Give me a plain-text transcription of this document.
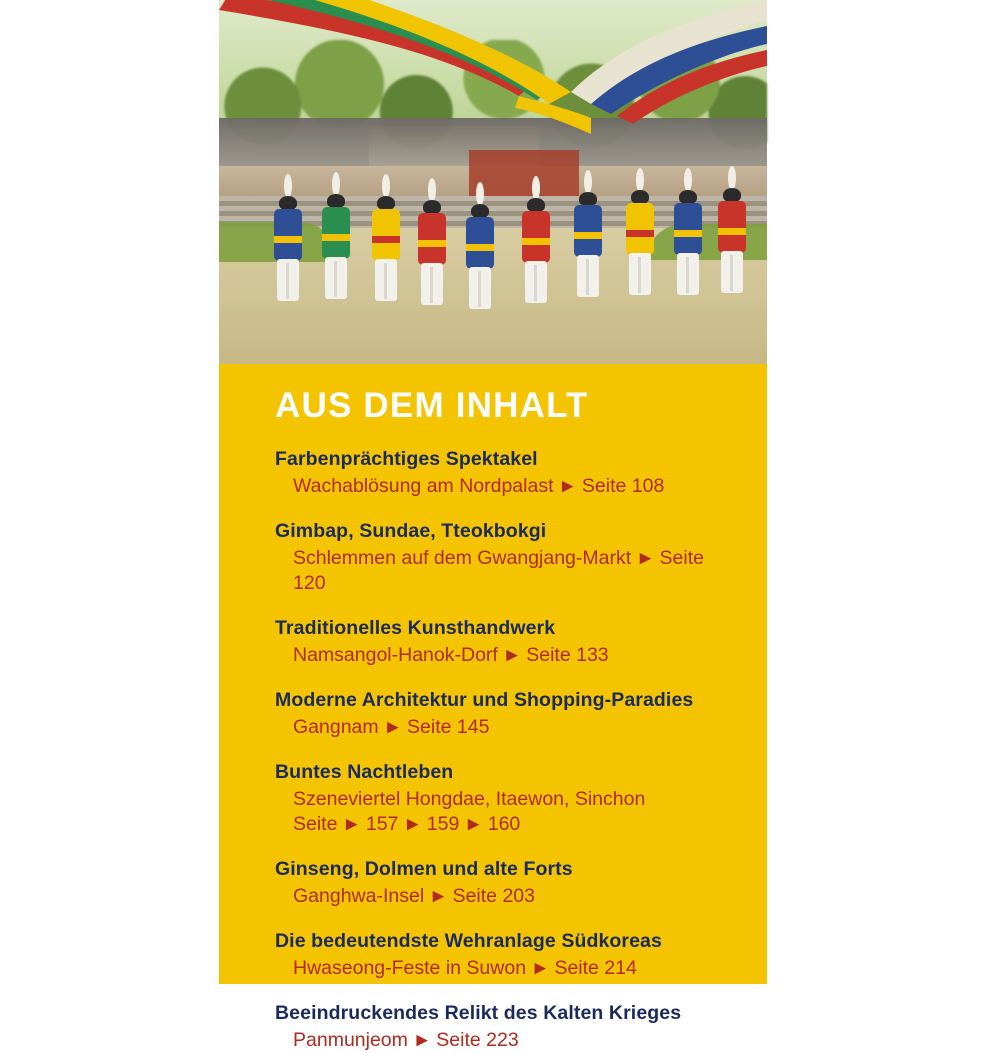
AUS DEM INHALT
Farbenprächtiges Spektakel
Wachablösung am Nordpalast ▶ Seite 108
Gimbap, Sundae, Tteokbokgi
Schlemmen auf dem Gwangjang-Markt ▶ Seite 120
Traditionelles Kunsthandwerk
Namsangol-Hanok-Dorf ▶ Seite 133
Moderne Architektur und Shopping-Paradies
Gangnam ▶ Seite 145
Buntes Nachtleben
Szeneviertel Hongdae, Itaewon, Sinchon
Seite ▶ 157 ▶ 159 ▶ 160
Ginseng, Dolmen und alte Forts
Ganghwa-Insel ▶ Seite 203
Die bedeutendste Wehranlage Südkoreas
Hwaseong-Feste in Suwon ▶ Seite 214
Beeindruckendes Relikt des Kalten Krieges
Panmunjeom ▶ Seite 223
